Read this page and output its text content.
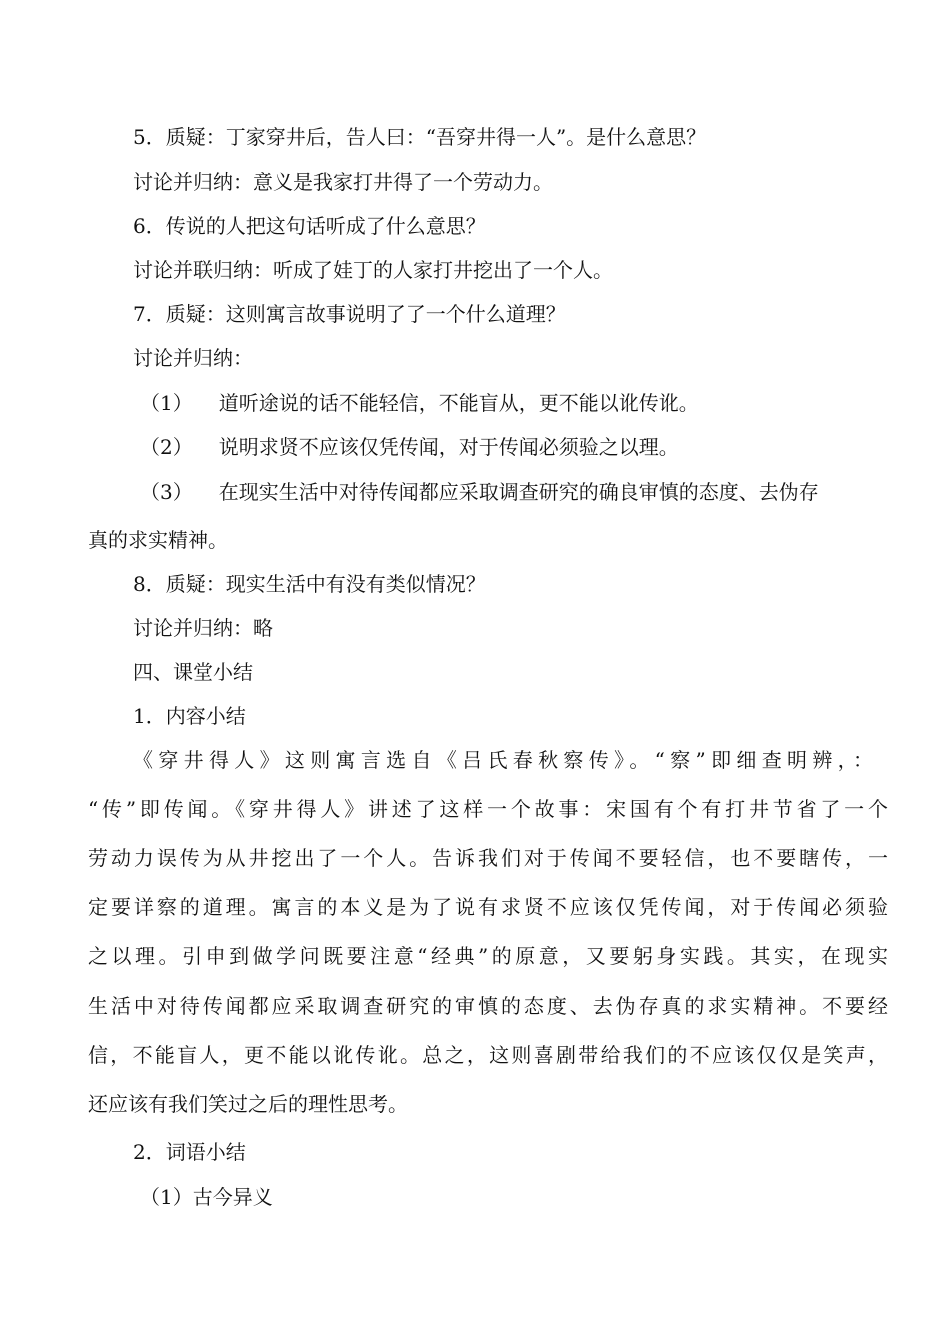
5．质疑：丁家穿井后，告人曰：“吾穿井得一人”。是什么意思？
讨论并归纳：意义是我家打井得了一个劳动力。
6．传说的人把这句话听成了什么意思？
讨论并联归纳：听成了娃丁的人家打井挖出了一个人。
7．质疑：这则寓言故事说明了了一个什么道理？
讨论并归纳：
（1） 道听途说的话不能轻信，不能盲从，更不能以讹传讹。
（2） 说明求贤不应该仅凭传闻，对于传闻必须验之以理。
（3） 在现实生活中对待传闻都应采取调查研究的确良审慎的态度、去伪存
真的求实精神。
8．质疑：现实生活中有没有类似情况？
讨论并归纳：略
四、课堂小结
1．内容小结
《穿井得人》这则寓言选自《吕氏春秋察传》。“察”即细查明辨，：
“传”即传闻。《穿井得人》讲述了这样一个故事：宋国有个有打井节省了一个
劳动力误传为从井挖出了一个人。告诉我们对于传闻不要轻信，也不要瞎传，一
定要详察的道理。寓言的本义是为了说有求贤不应该仅凭传闻，对于传闻必须验
之以理。引申到做学问既要注意“经典”的原意，又要躬身实践。其实，在现实
生活中对待传闻都应采取调查研究的审慎的态度、去伪存真的求实精神。不要经
信，不能盲人，更不能以讹传讹。总之，这则喜剧带给我们的不应该仅仅是笑声，
还应该有我们笑过之后的理性思考。
2．词语小结
（1）古今异义
